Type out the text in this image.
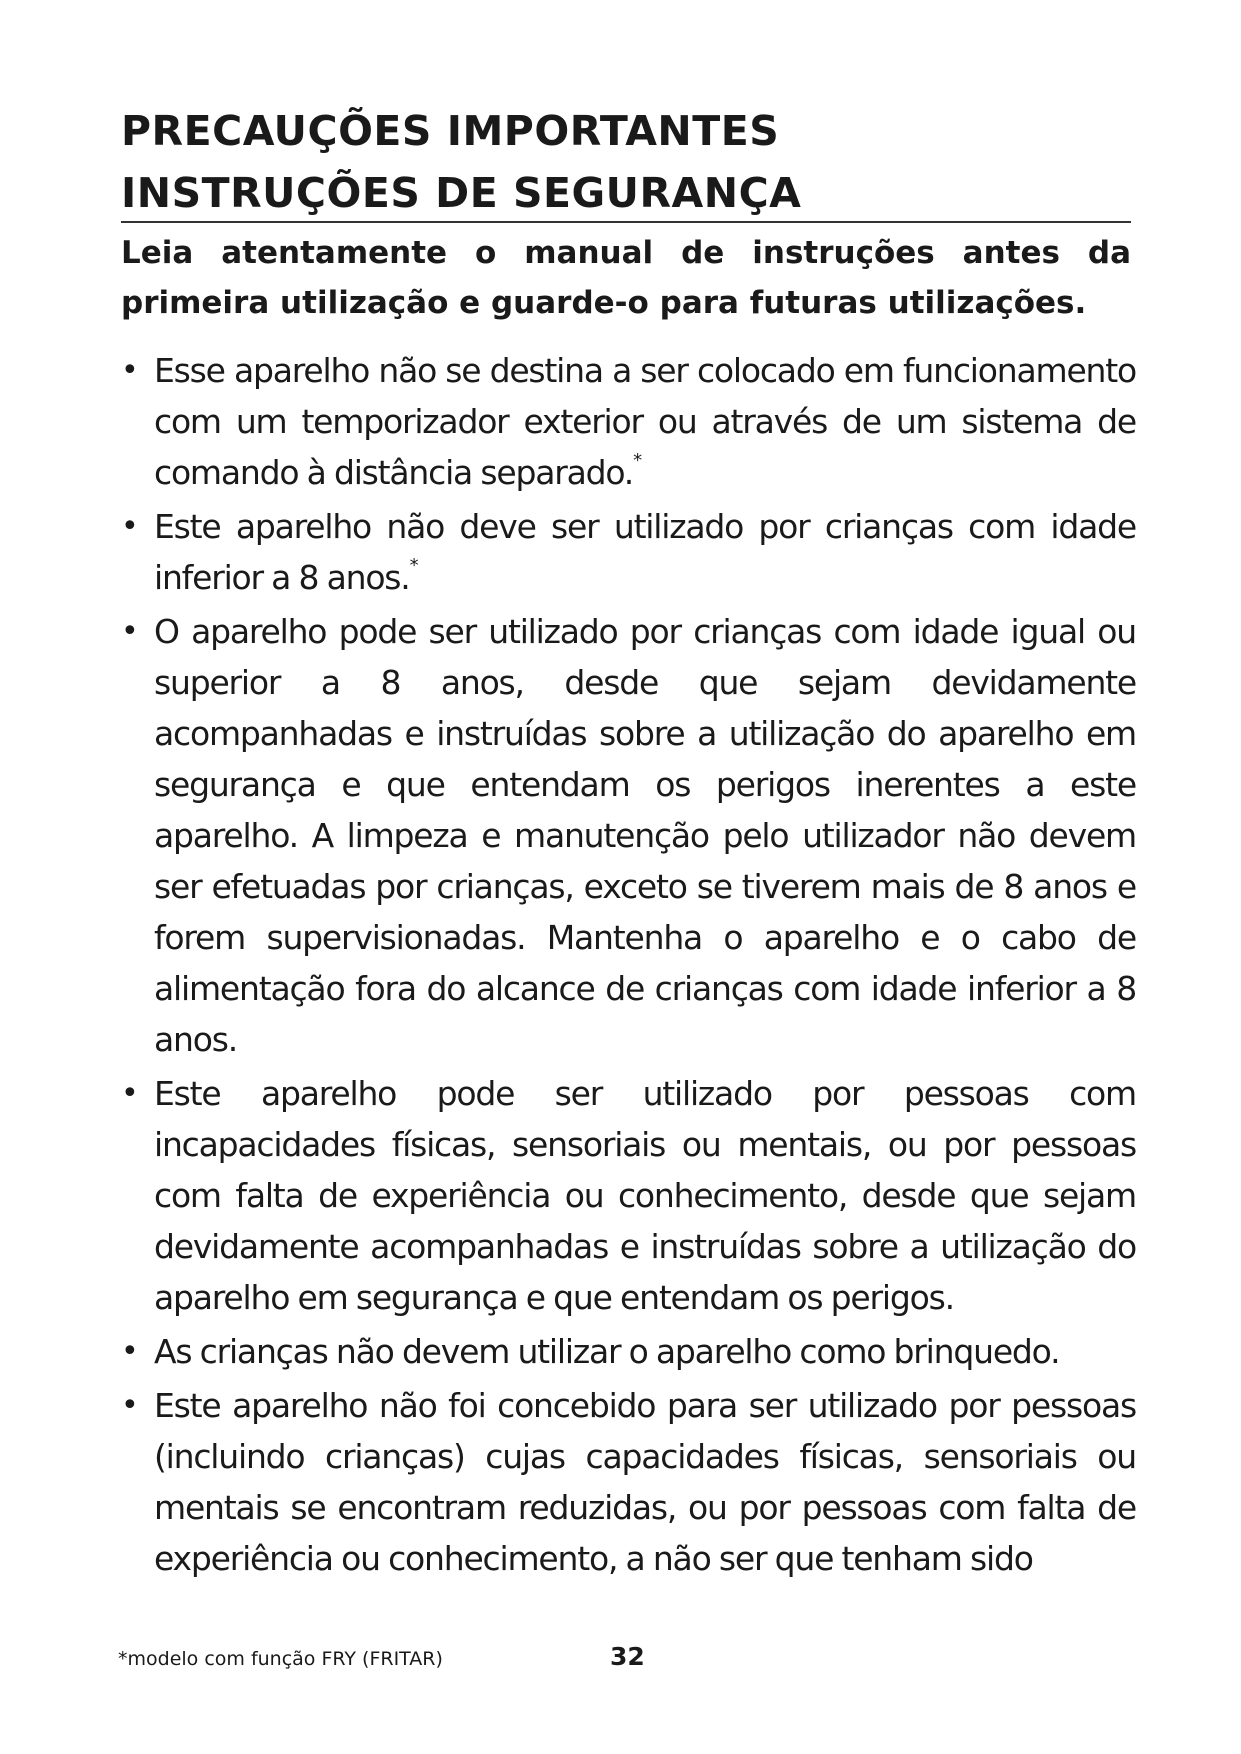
PRECAUÇÕES IMPORTANTES
INSTRUÇÕES DE SEGURANÇA

Leia atentamente o manual de instruções antes da primeira utilização e guarde-o para futuras utilizações.

• Esse aparelho não se destina a ser colocado em funcionamento com um temporizador exterior ou através de um sistema de comando à distância separado.*
• Este aparelho não deve ser utilizado por crianças com idade inferior a 8 anos.*
• O aparelho pode ser utilizado por crianças com idade igual ou superior a 8 anos, desde que sejam devidamente acompanhadas e instruídas sobre a utilização do aparelho em segurança e que entendam os perigos inerentes a este aparelho. A limpeza e manutenção pelo utilizador não devem ser efetuadas por crianças, exceto se tiverem mais de 8 anos e forem supervisionadas. Mantenha o aparelho e o cabo de alimentação fora do alcance de crianças com idade inferior a 8 anos.
• Este aparelho pode ser utilizado por pessoas com incapacidades físicas, sensoriais ou mentais, ou por pessoas com falta de experiência ou conhecimento, desde que sejam devidamente acompanhadas e instruídas sobre a utilização do aparelho em segurança e que entendam os perigos.
• As crianças não devem utilizar o aparelho como brinquedo.
• Este aparelho não foi concebido para ser utilizado por pessoas (incluindo crianças) cujas capacidades físicas, sensoriais ou mentais se encontram reduzidas, ou por pessoas com falta de experiência ou conhecimento, a não ser que tenham sido
*modelo com função FRY (FRITAR)	32
